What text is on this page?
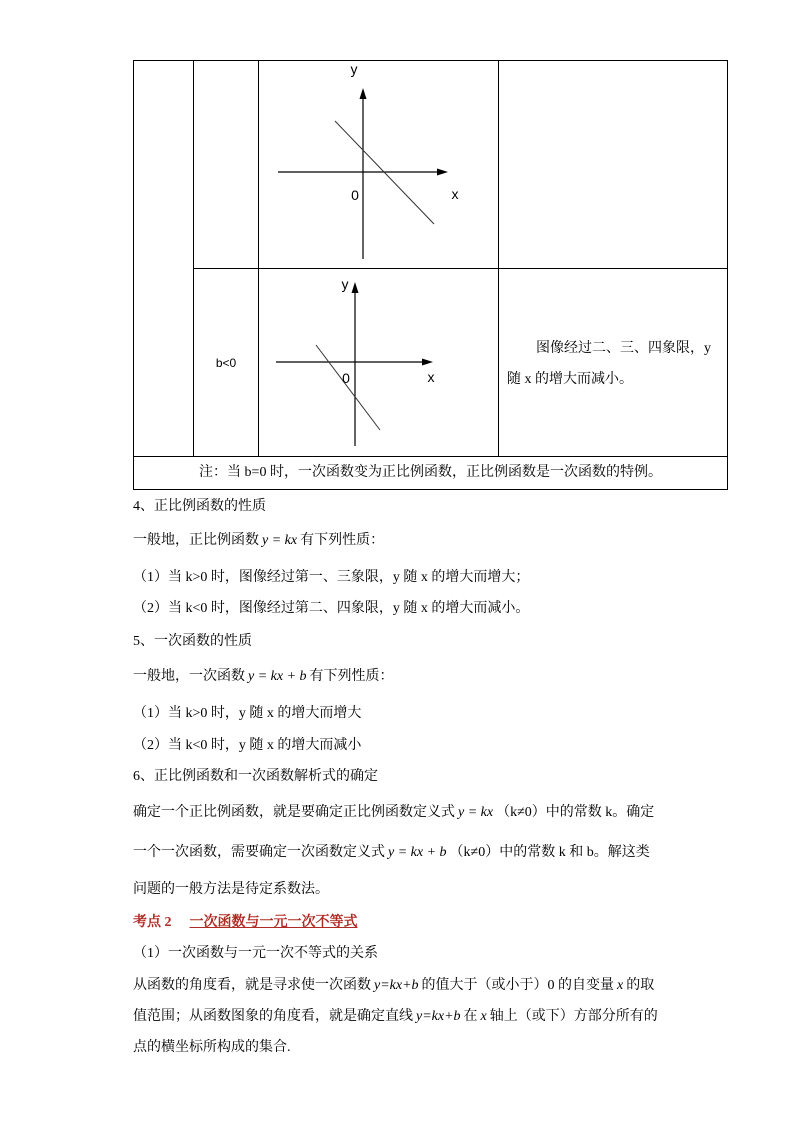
y
0	x
b<0
y
0	x
图像经过二、三、四象限，y
随 x 的增大而减小。
注：当 b=0 时，一次函数变为正比例函数，正比例函数是一次函数的特例。
4、正比例函数的性质
一般地，正比例函数 y = kx 有下列性质：
（1）当 k>0 时，图像经过第一、三象限，y 随 x 的增大而增大；
（2）当 k<0 时，图像经过第二、四象限，y 随 x 的增大而减小。
5、一次函数的性质
一般地，一次函数 y = kx + b 有下列性质：
（1）当 k>0 时，y 随 x 的增大而增大
（2）当 k<0 时，y 随 x 的增大而减小
6、正比例函数和一次函数解析式的确定
确定一个正比例函数，就是要确定正比例函数定义式 y = kx （k≠0）中的常数 k。确定
一个一次函数，需要确定一次函数定义式 y = kx + b （k≠0）中的常数 k 和 b。解这类
问题的一般方法是待定系数法。
考点 2 一次函数与一元一次不等式
（1）一次函数与一元一次不等式的关系
从函数的角度看，就是寻求使一次函数 y=kx+b 的值大于（或小于）0 的自变量 x 的取
值范围；从函数图象的角度看，就是确定直线 y=kx+b 在 x 轴上（或下）方部分所有的
点的横坐标所构成的集合.
